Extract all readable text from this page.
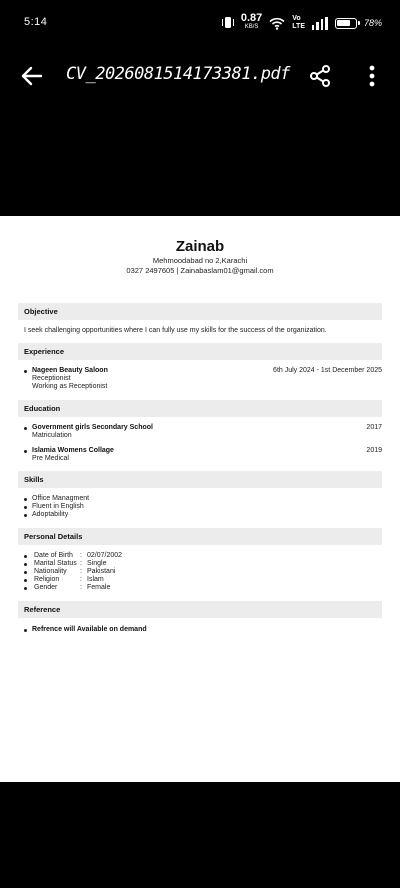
5:14	0.87
KB/S
Vo
LTE	78%
CV_2026081514173381.pdf
Zainab
Mehmoodabad no 2,Karachi
0327 2497605 | Zainabaslam01@gmail.com
Objective
I seek challenging opportunities where I can fully use my skills for the success of the organization.
Experience
Nageen Beauty Saloon
Receptionist
Working as Receptionist
6th July 2024 - 1st December 2025
Education
Government girls Secondary School
Matriculation
2017
Islamia Womens Collage
Pre Medical
2019
Skills
Office Managment
Fluent in English
Adoptability
Personal Details
Date of Birth : 02/07/2002
Marital Status : Single
Nationality : Pakistani
Religion	: Islam
Gender	: Female
Reference
Refrence will Available on demand
